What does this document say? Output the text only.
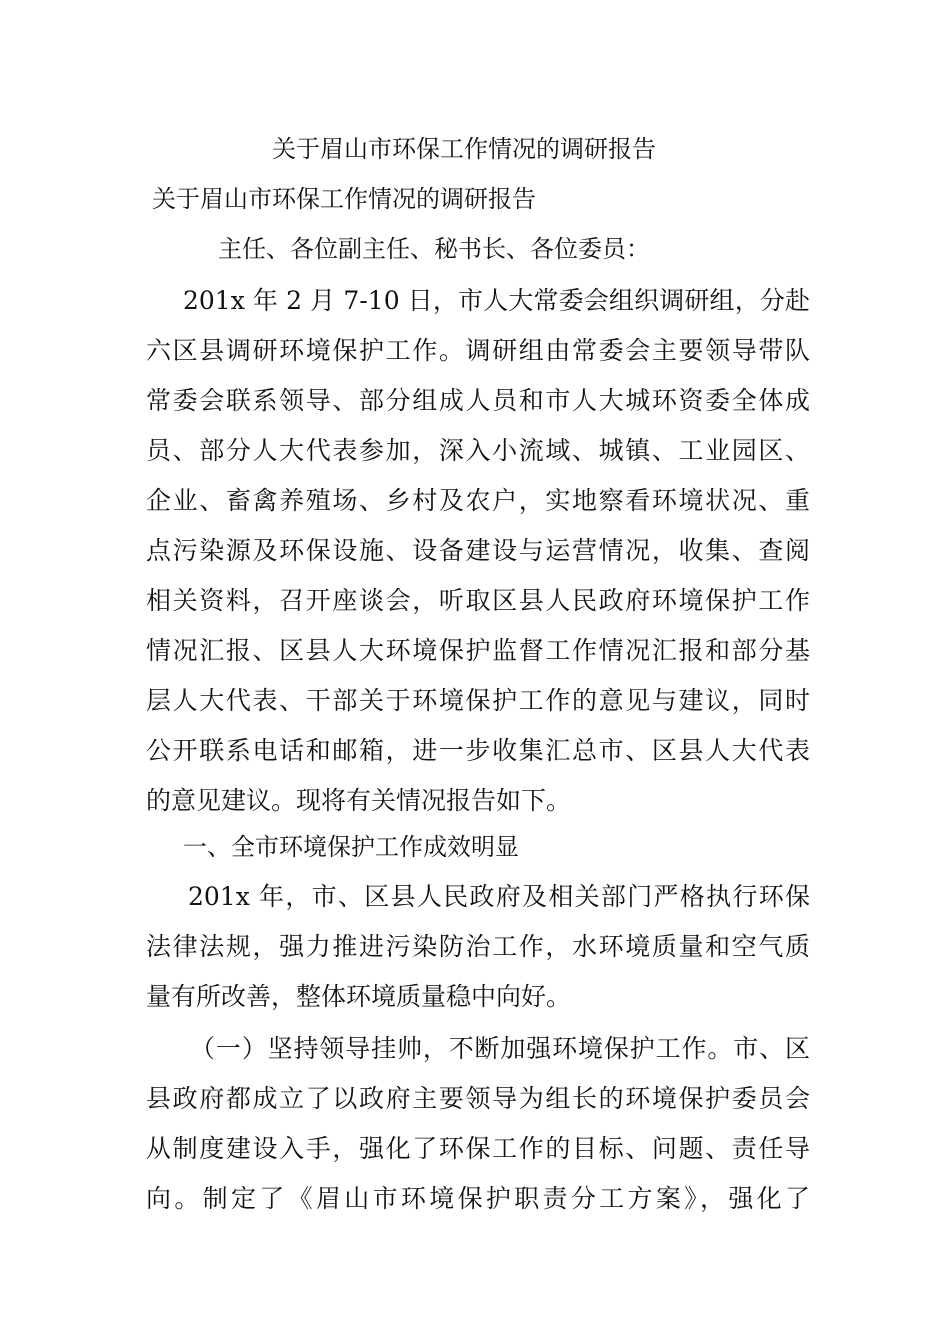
关于眉山市环保工作情况的调研报告
关于眉山市环保工作情况的调研报告
主任、各位副主任、秘书长、各位委员：
201x 年 2 月 7-10 日，市人大常委会组织调研组，分赴
六区县调研环境保护工作。调研组由常委会主要领导带队
常委会联系领导、部分组成人员和市人大城环资委全体成
员、部分人大代表参加，深入小流域、城镇、工业园区、
企业、畜禽养殖场、乡村及农户，实地察看环境状况、重
点污染源及环保设施、设备建设与运营情况，收集、查阅
相关资料，召开座谈会，听取区县人民政府环境保护工作
情况汇报、区县人大环境保护监督工作情况汇报和部分基
层人大代表、干部关于环境保护工作的意见与建议，同时
公开联系电话和邮箱，进一步收集汇总市、区县人大代表
的意见建议。现将有关情况报告如下。
一、全市环境保护工作成效明显
201x 年，市、区县人民政府及相关部门严格执行环保
法律法规，强力推进污染防治工作，水环境质量和空气质
量有所改善，整体环境质量稳中向好。
（一）坚持领导挂帅，不断加强环境保护工作。市、区
县政府都成立了以政府主要领导为组长的环境保护委员会
从制度建设入手，强化了环保工作的目标、问题、责任导
向。制定了《眉山市环境保护职责分工方案》，强化了
